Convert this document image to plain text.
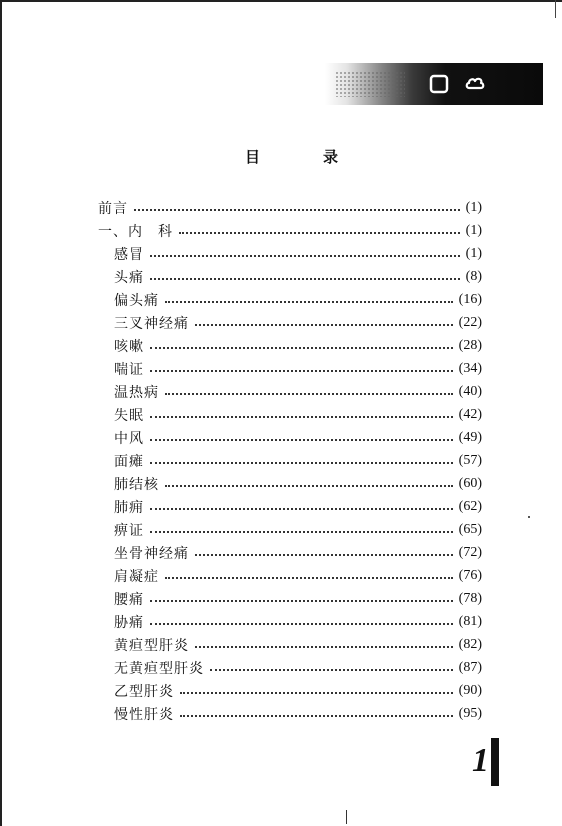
目　录
前言	(1)
一、内　科	(1)
感冒	(1)
头痛	(8)
偏头痛	(16)
三叉神经痛	(22)
咳嗽	(28)
喘证	(34)
温热病	(40)
失眠	(42)
中风	(49)
面瘫	(57)
肺结核	(60)
肺痈	(62)
痹证	(65)
坐骨神经痛	(72)
肩凝症	(76)
腰痛	(78)
胁痛	(81)
黄疸型肝炎	(82)
无黄疸型肝炎	(87)
乙型肝炎	(90)
慢性肝炎	(95)
1
